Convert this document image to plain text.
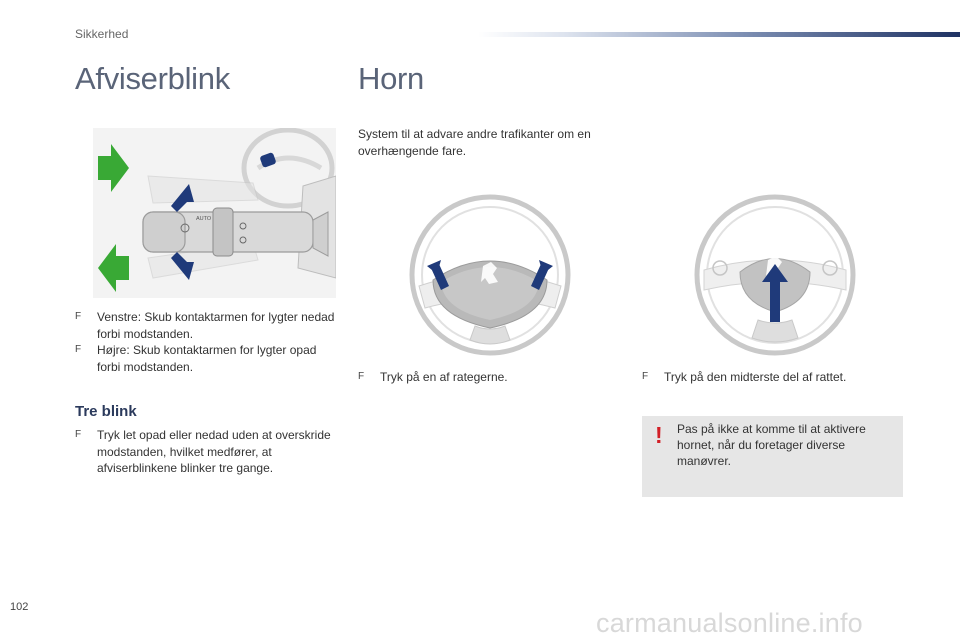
Sikkerhed
Afviserblink
AUTO
F	Venstre: Skub kontaktarmen for lygter nedad forbi modstanden.
F	Højre: Skub kontaktarmen for lygter opad forbi modstanden.
Tre blink
F	Tryk let opad eller nedad uden at overskride modstanden, hvilket medfører, at afviserblinkene blinker tre gange.
Horn
System til at advare andre trafikanter om en overhængende fare.
F	Tryk på en af rategerne.	F	Tryk på den midterste del af rattet.
! Pas på ikke at komme til at aktivere hornet, når du foretager diverse manøvrer.
102
carmanualsonline.info
